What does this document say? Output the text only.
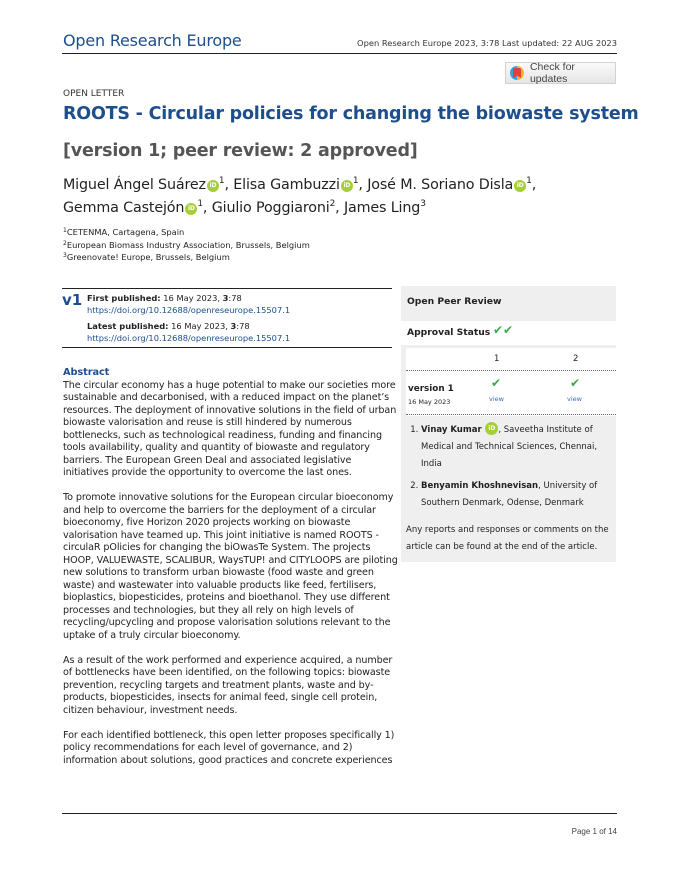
Open Research Europe	Open Research Europe 2023, 3:78 Last updated: 22 AUG 2023
Check for updates
OPEN LETTER
ROOTS - Circular policies for changing the biowaste system
[version 1; peer review: 2 approved]
Miguel Ángel Suárez iD $^1$, Elisa Gambuzzi iD $^1$, José M. Soriano Disla iD $^1$,
Gemma Castejón iD $^1$, Giulio Poggiaroni$^2$, James Ling$^3$
$^1$CETENMA, Cartagena, Spain
$^2$European Biomass Industry Association, Brussels, Belgium
$^3$Greenovate! Europe, Brussels, Belgium
v1 First published: 16 May 2023, 3:78
https://doi.org/10.12688/openreseurope.15507.1
Latest published: 16 May 2023, 3:78
https://doi.org/10.12688/openreseurope.15507.1
Abstract

The circular economy has a huge potential to make our societies more sustainable and decarbonised, with a reduced impact on the planet’s resources. The deployment of innovative solutions in the field of urban biowaste valorisation and reuse is still hindered by numerous bottlenecks, such as technological readiness, funding and financing tools availability, quality and quantity of biowaste and regulatory barriers. The European Green Deal and associated legislative initiatives provide the opportunity to overcome the last ones.

To promote innovative solutions for the European circular bioeconomy and help to overcome the barriers for the deployment of a circular bioeconomy, five Horizon 2020 projects working on biowaste valorisation have teamed up. This joint initiative is named ROOTS - circulaR pOlicies for changing the biOwasTe System. The projects HOOP, VALUEWASTE, SCALIBUR, WaysTUP! and CITYLOOPS are piloting new solutions to transform urban biowaste (food waste and green waste) and wastewater into valuable products like feed, fertilisers, bioplastics, biopesticides, proteins and bioethanol. They use different processes and technologies, but they all rely on high levels of recycling/upcycling and propose valorisation solutions relevant to the uptake of a truly circular bioeconomy.

As a result of the work performed and experience acquired, a number of bottlenecks have been identified, on the following topics: biowaste prevention, recycling targets and treatment plants, waste and by-products, biopesticides, insects for animal feed, single cell protein, citizen behaviour, investment needs.

For each identified bottleneck, this open letter proposes specifically 1) policy recommendations for each level of governance, and 2) information about solutions, good practices and concrete experiences

Open Peer Review
Approval Status ✔✔
1	2
version 1
16 May 2023
✔	✔
view	view
1. Vinay Kumar iD , Saveetha Institute of Medical and Technical Sciences, Chennai, India
2. Benyamin Khoshnevisan, University of Southern Denmark, Odense, Denmark
Any reports and responses or comments on the article can be found at the end of the article.
Page 1 of 14
